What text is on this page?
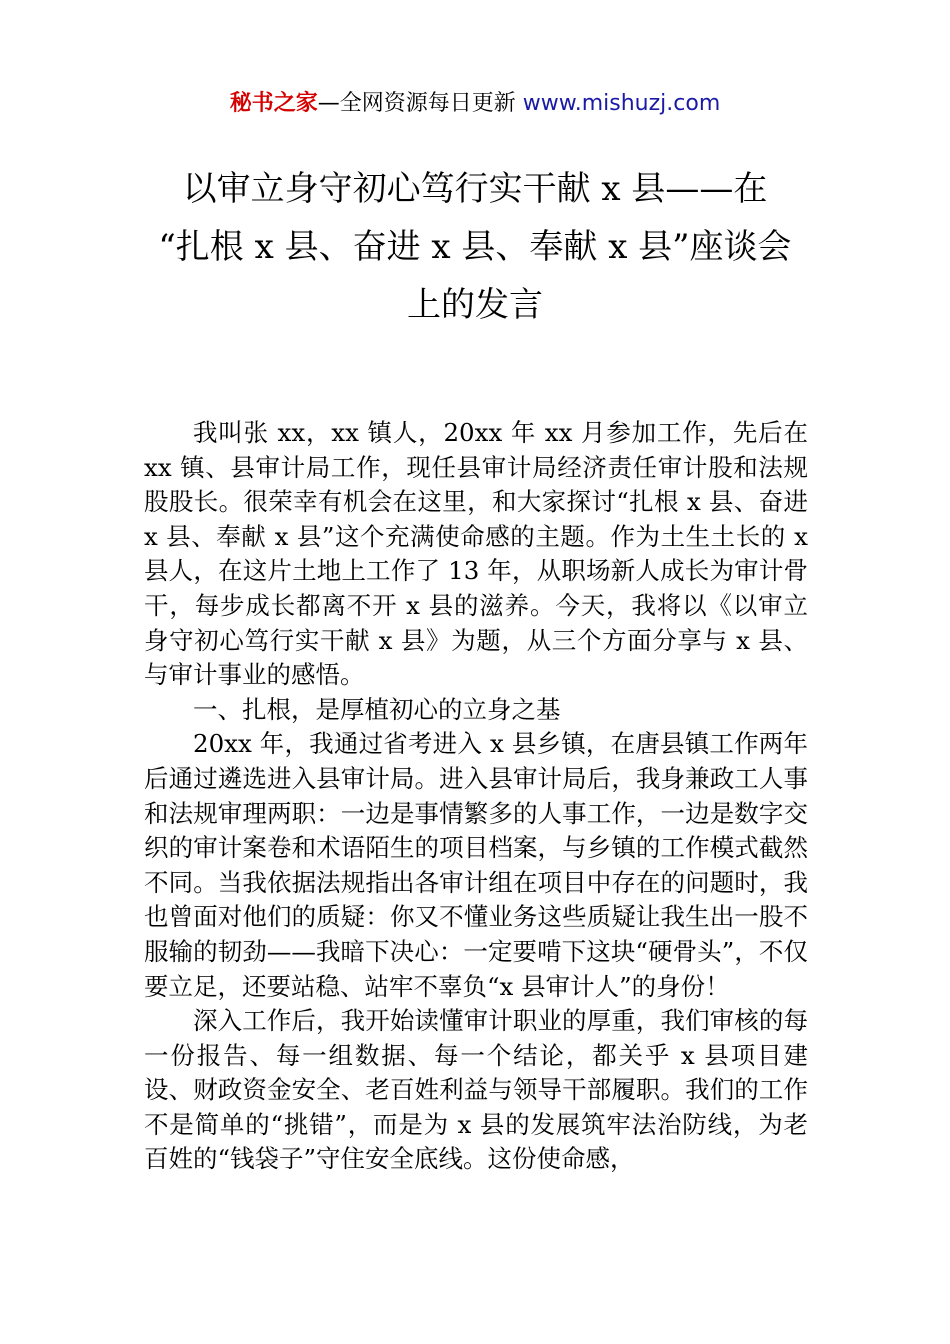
秘书之家—全网资源每日更新 www.mishuzj.com
以审立身守初心笃行实干献 x 县——在
“扎根 x 县、奋进 x 县、奉献 x 县”座谈会
上的发言

我叫张 xx，xx 镇人，20xx 年 xx 月参加工作，先后在 xx 镇、县审计局工作，现任县审计局经济责任审计股和法规股股长。很荣幸有机会在这里，和大家探讨“扎根 x 县、奋进 x 县、奉献 x 县”这个充满使命感的主题。作为土生土长的 x 县人，在这片土地上工作了 13 年，从职场新人成长为审计骨干，每步成长都离不开 x 县的滋养。今天，我将以《以审立身守初心笃行实干献 x 县》为题，从三个方面分享与 x 县、与审计事业的感悟。

一、扎根，是厚植初心的立身之基

20xx 年，我通过省考进入 x 县乡镇，在唐县镇工作两年后通过遴选进入县审计局。进入县审计局后，我身兼政工人事和法规审理两职：一边是事情繁多的人事工作，一边是数字交织的审计案卷和术语陌生的项目档案，与乡镇的工作模式截然不同。当我依据法规指出各审计组在项目中存在的问题时，我也曾面对他们的质疑：你又不懂业务这些质疑让我生出一股不服输的韧劲——我暗下决心：一定要啃下这块“硬骨头”，不仅要立足，还要站稳、站牢不辜负“x 县审计人”的身份！

深入工作后，我开始读懂审计职业的厚重，我们审核的每一份报告、每一组数据、每一个结论，都关乎 x 县项目建设、财政资金安全、老百姓利益与领导干部履职。我们的工作不是简单的“挑错”，而是为 x 县的发展筑牢法治防线，为老百姓的“钱袋子”守住安全底线。这份使命感，
